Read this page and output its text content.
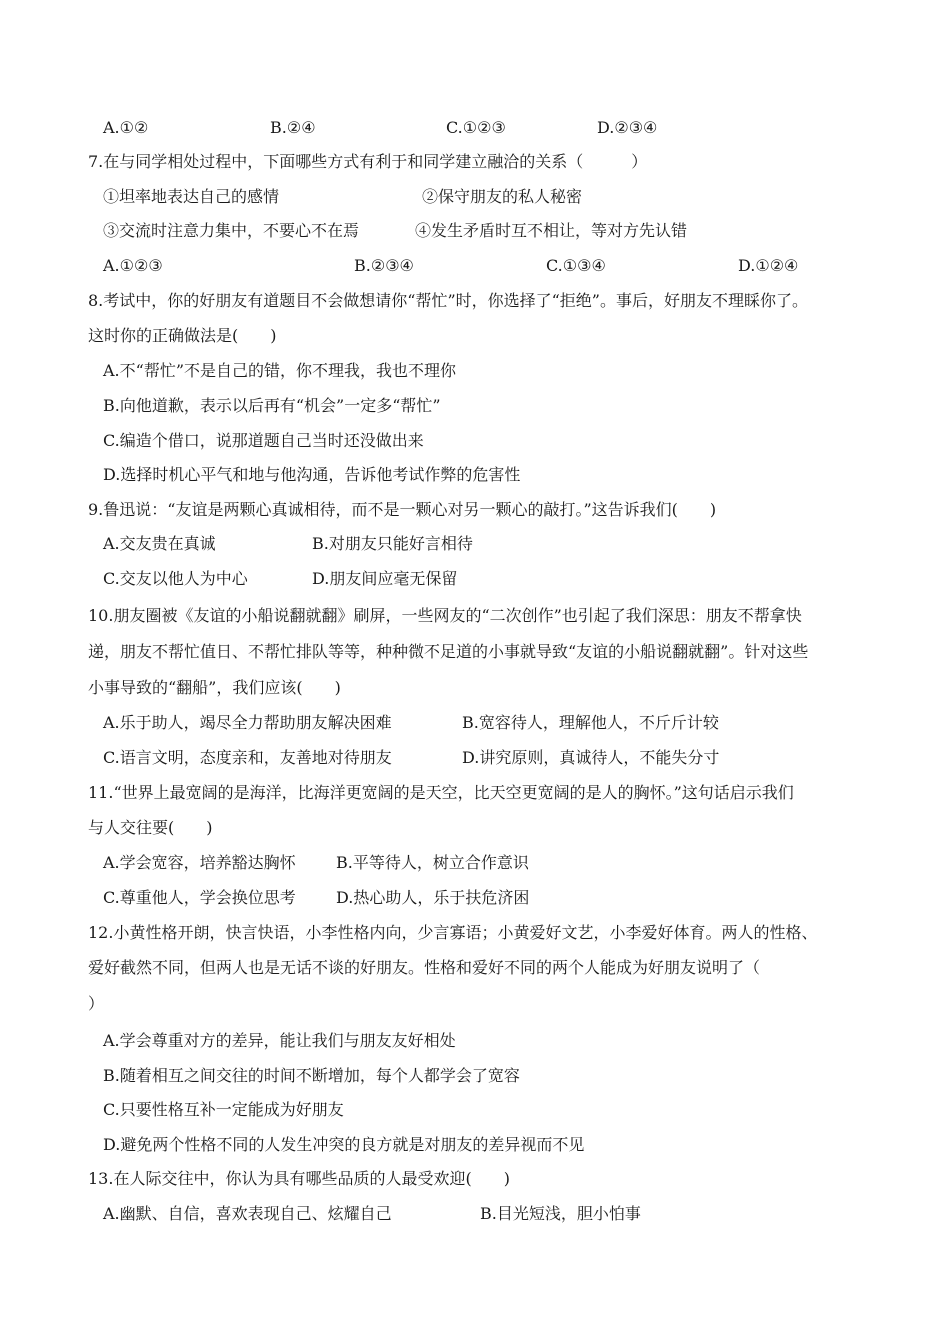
A.①②	B.②④	C.①②③	D.②③④
7.在与同学相处过程中，下面哪些方式有利于和同学建立融洽的关系（　　　）
①坦率地表达自己的感情	②保守朋友的私人秘密
③交流时注意力集中，不要心不在焉	④发生矛盾时互不相让，等对方先认错
A.①②③	B.②③④	C.①③④	D.①②④
8.考试中，你的好朋友有道题目不会做想请你“帮忙”时，你选择了“拒绝”。事后，好朋友不理睬你了。
这时你的正确做法是(　　)
A.不“帮忙”不是自己的错，你不理我，我也不理你
B.向他道歉，表示以后再有“机会”一定多“帮忙”
C.编造个借口，说那道题自己当时还没做出来
D.选择时机心平气和地与他沟通，告诉他考试作弊的危害性
9.鲁迅说：“友谊是两颗心真诚相待，而不是一颗心对另一颗心的敲打。”这告诉我们(　　)
A.交友贵在真诚	B.对朋友只能好言相待
C.交友以他人为中心	D.朋友间应毫无保留
10.朋友圈被《友谊的小船说翻就翻》刷屏，一些网友的“二次创作”也引起了我们深思：朋友不帮拿快
递，朋友不帮忙值日、不帮忙排队等等，种种微不足道的小事就导致“友谊的小船说翻就翻”。针对这些
小事导致的“翻船”，我们应该(　　)
A.乐于助人，竭尽全力帮助朋友解决困难	B.宽容待人，理解他人，不斤斤计较
C.语言文明，态度亲和，友善地对待朋友	D.讲究原则，真诚待人，不能失分寸
11.“世界上最宽阔的是海洋，比海洋更宽阔的是天空，比天空更宽阔的是人的胸怀。”这句话启示我们
与人交往要(　　)
A.学会宽容，培养豁达胸怀	B.平等待人，树立合作意识
C.尊重他人，学会换位思考	D.热心助人，乐于扶危济困
12.小黄性格开朗，快言快语，小李性格内向，少言寡语；小黄爱好文艺，小李爱好体育。两人的性格、
爱好截然不同，但两人也是无话不谈的好朋友。性格和爱好不同的两个人能成为好朋友说明了（
）
A.学会尊重对方的差异，能让我们与朋友友好相处
B.随着相互之间交往的时间不断增加，每个人都学会了宽容
C.只要性格互补一定能成为好朋友
D.避免两个性格不同的人发生冲突的良方就是对朋友的差异视而不见
13.在人际交往中，你认为具有哪些品质的人最受欢迎(　　)
A.幽默、自信，喜欢表现自己、炫耀自己	B.目光短浅，胆小怕事
